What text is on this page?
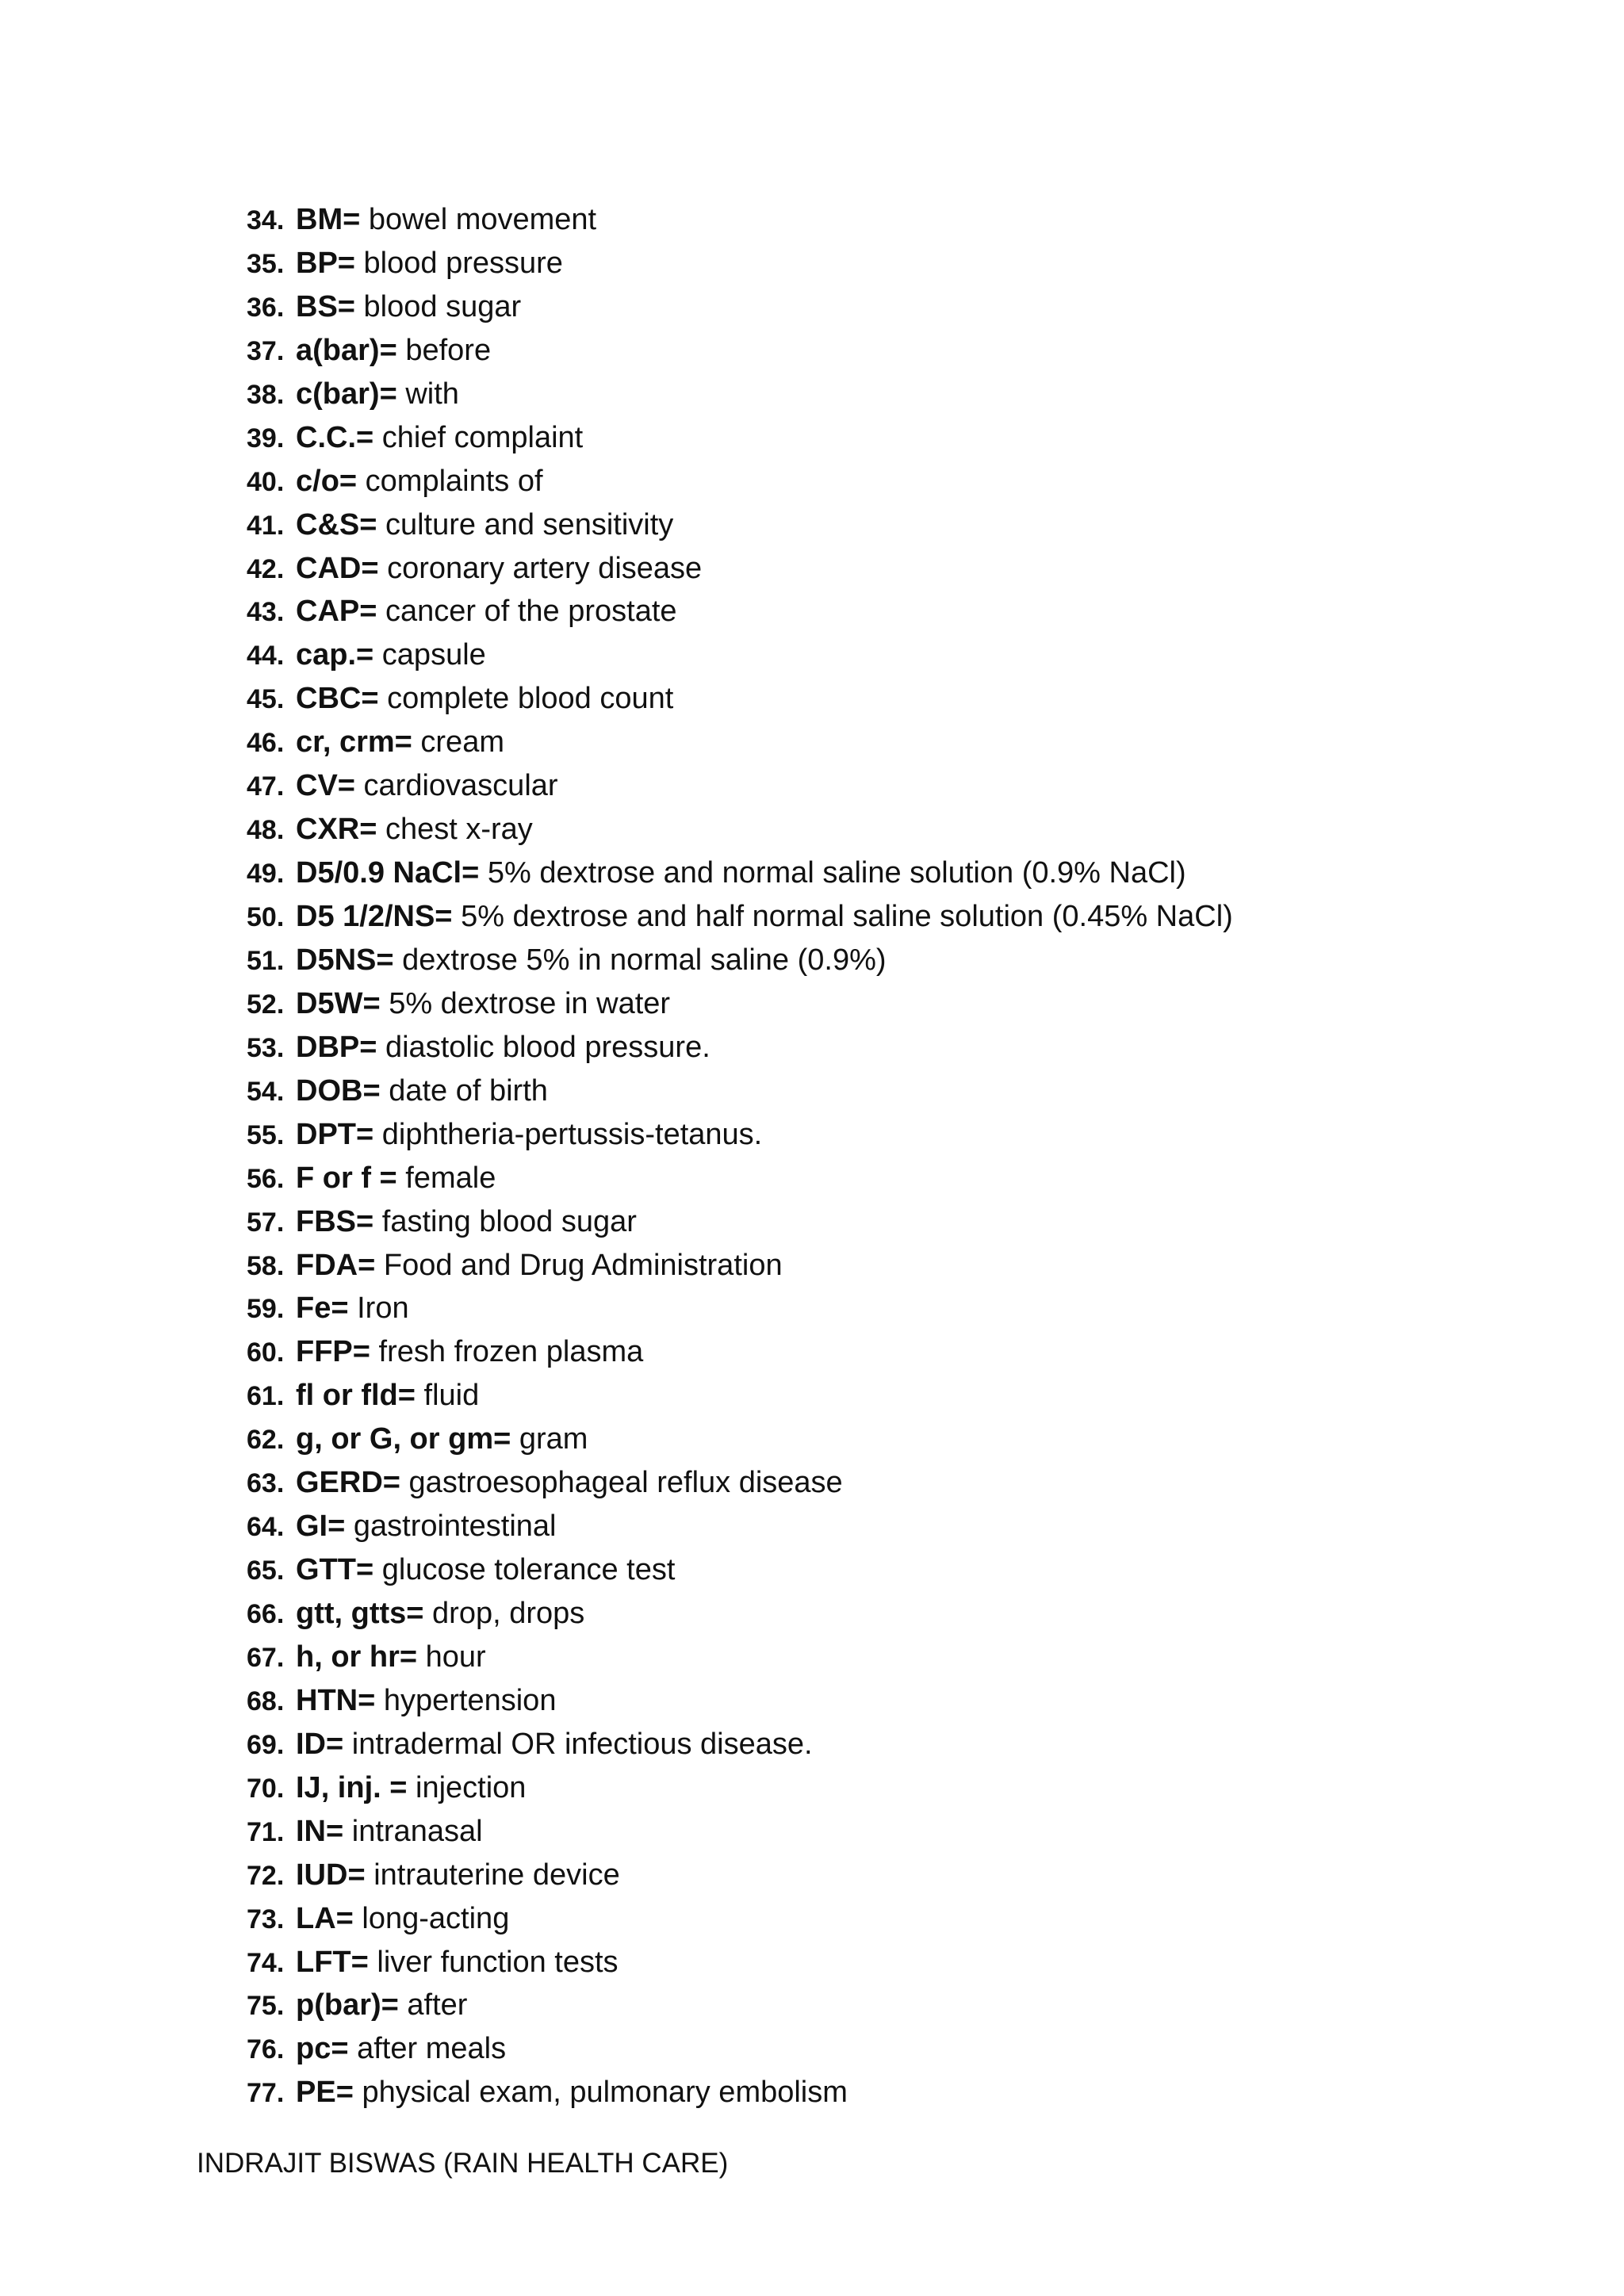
34. BM= bowel movement
35. BP= blood pressure
36. BS= blood sugar
37. a(bar)= before
38. c(bar)= with
39. C.C.= chief complaint
40. c/o= complaints of
41. C&S= culture and sensitivity
42. CAD= coronary artery disease
43. CAP= cancer of the prostate
44. cap.= capsule
45. CBC= complete blood count
46. cr, crm= cream
47. CV= cardiovascular
48. CXR= chest x-ray
49. D5/0.9 NaCl= 5% dextrose and normal saline solution (0.9% NaCl)
50. D5 1/2/NS= 5% dextrose and half normal saline solution (0.45% NaCl)
51. D5NS= dextrose 5% in normal saline (0.9%)
52. D5W= 5% dextrose in water
53. DBP= diastolic blood pressure.
54. DOB= date of birth
55. DPT= diphtheria-pertussis-tetanus.
56. F or f = female
57. FBS= fasting blood sugar
58. FDA= Food and Drug Administration
59. Fe= Iron
60. FFP= fresh frozen plasma
61. fl or fld= fluid
62. g, or G, or gm= gram
63. GERD= gastroesophageal reflux disease
64. GI= gastrointestinal
65. GTT= glucose tolerance test
66. gtt, gtts= drop, drops
67. h, or hr= hour
68. HTN= hypertension
69. ID= intradermal OR infectious disease.
70. IJ, inj. = injection
71. IN= intranasal
72. IUD= intrauterine device
73. LA= long-acting
74. LFT= liver function tests
75. p(bar)= after
76. pc= after meals
77. PE= physical exam, pulmonary embolism
INDRAJIT BISWAS (RAIN HEALTH CARE)
